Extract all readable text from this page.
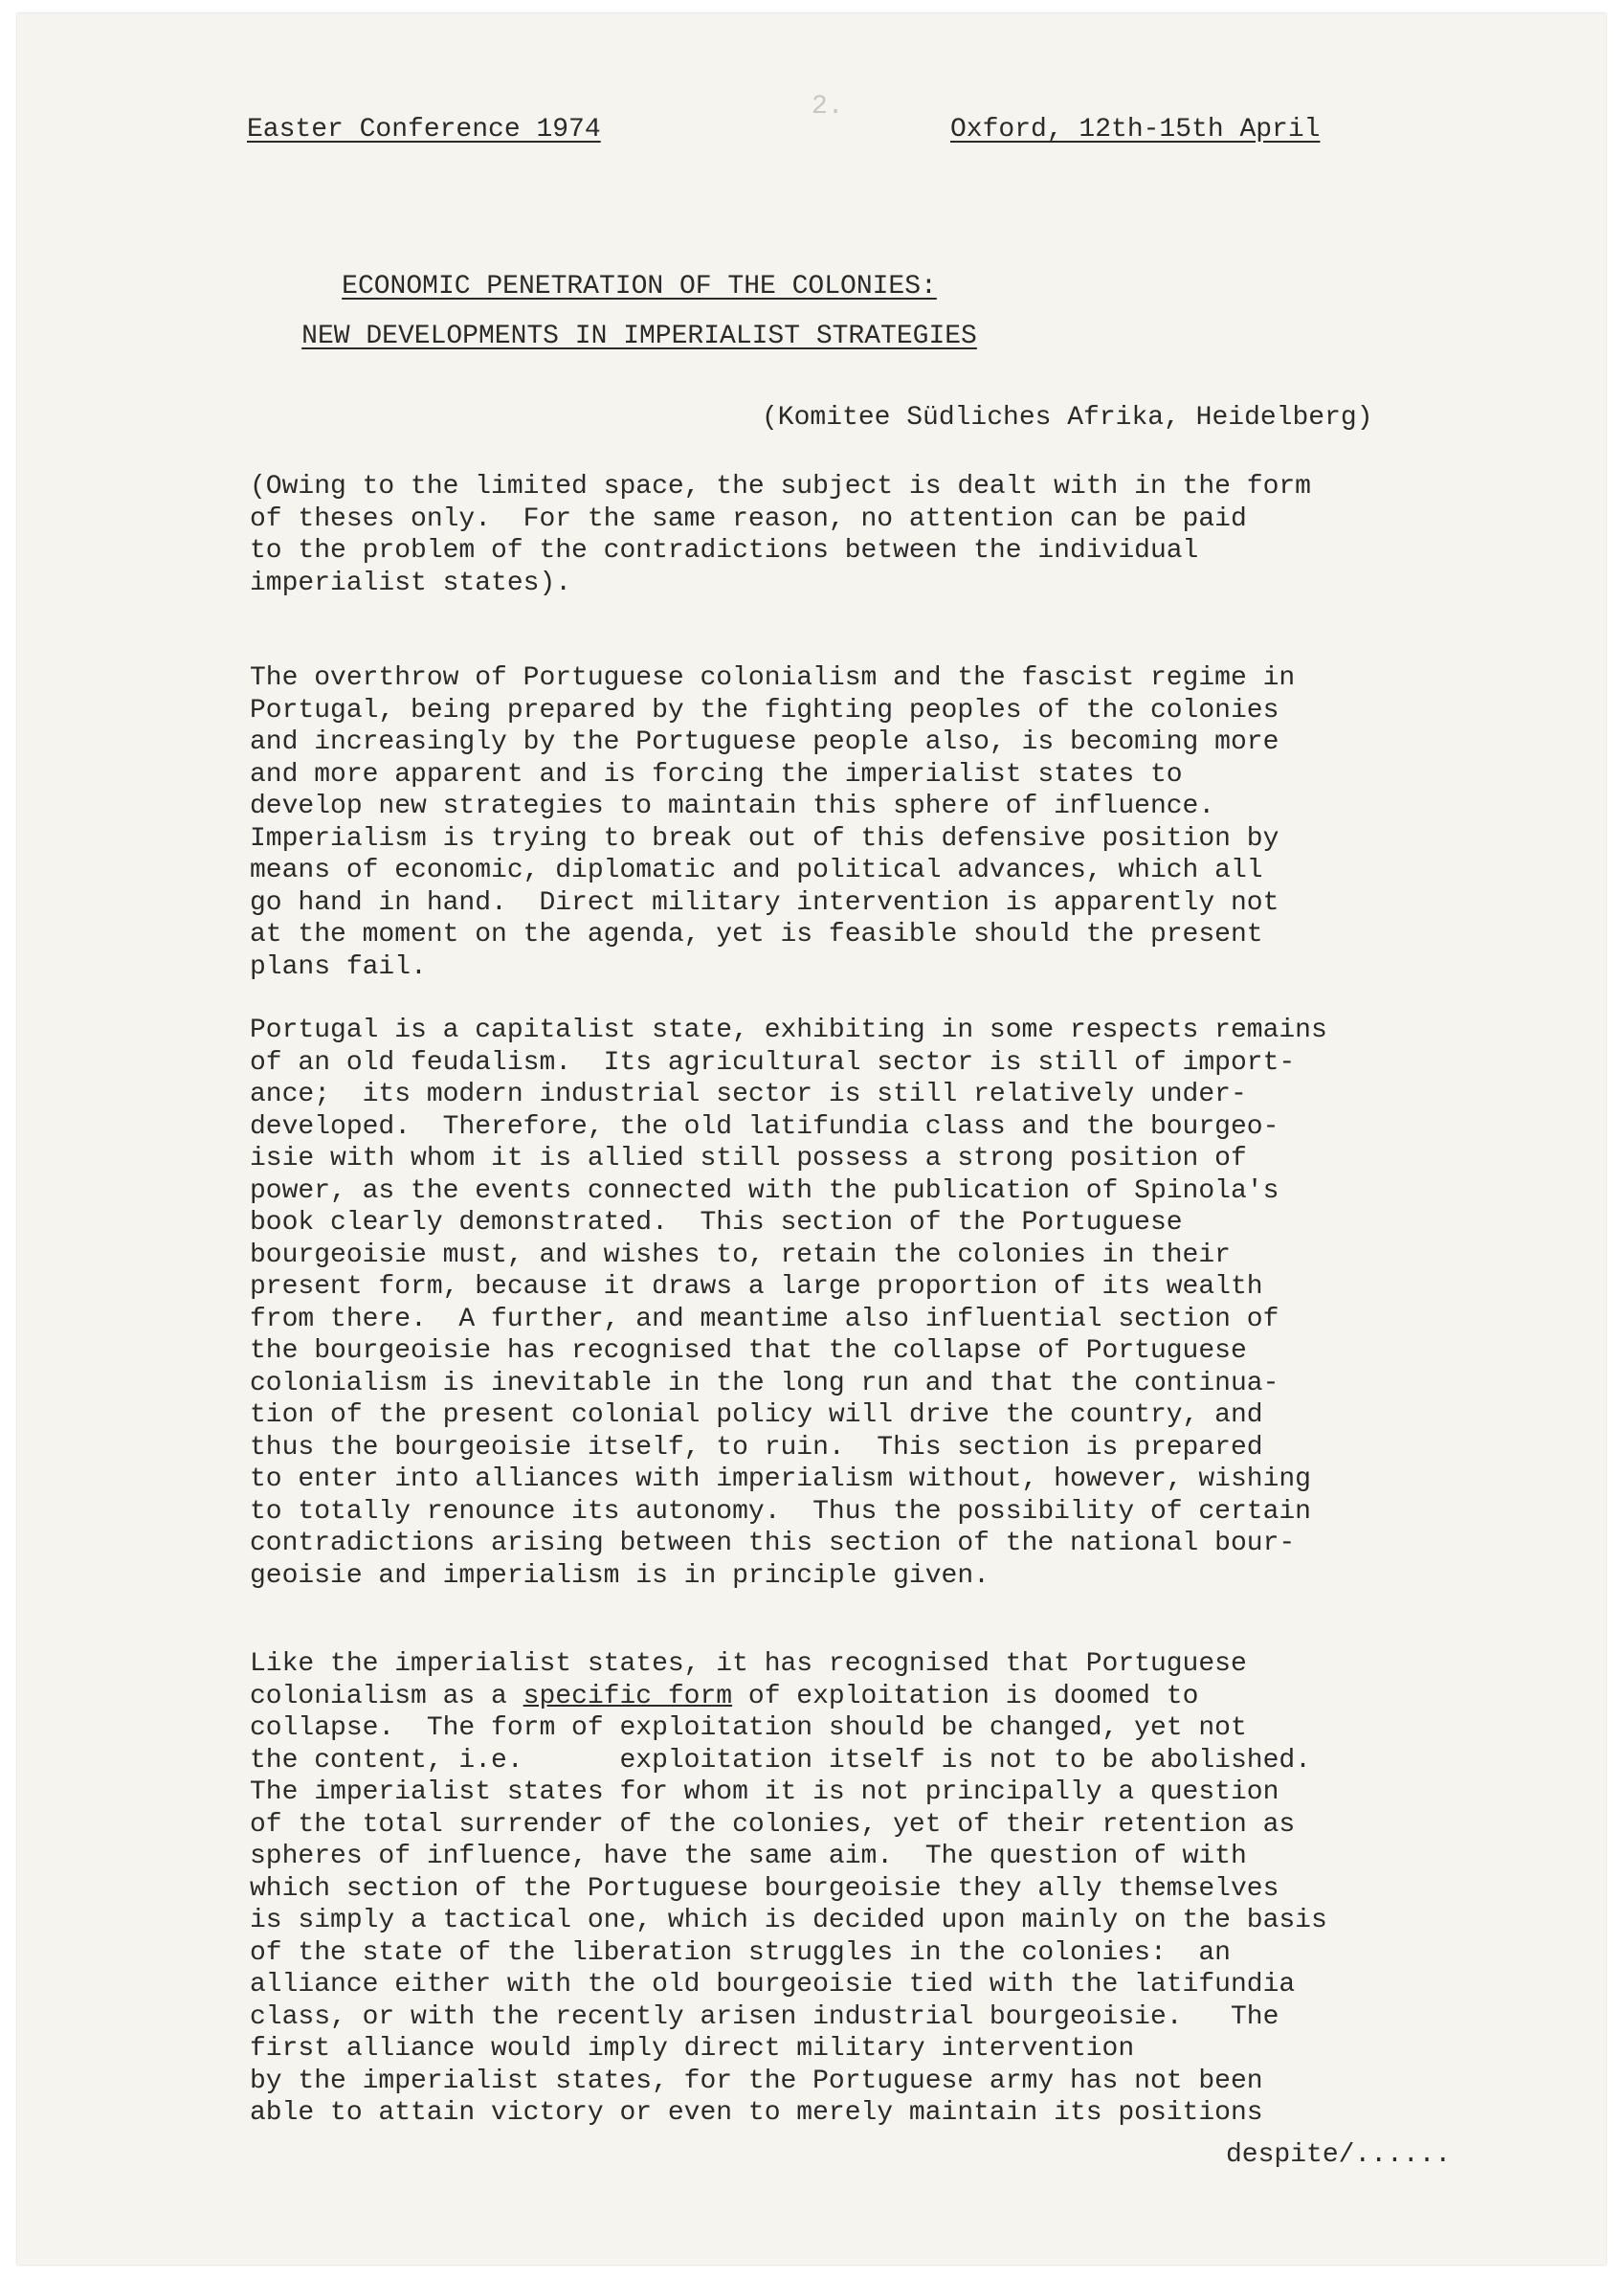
2.
Easter Conference 1974	Oxford, 12th-15th April
ECONOMIC PENETRATION OF THE COLONIES:
NEW DEVELOPMENTS IN IMPERIALIST STRATEGIES
(Komitee Südliches Afrika, Heidelberg)

(Owing to the limited space, the subject is dealt with in the form
of theses only.  For the same reason, no attention can be paid
to the problem of the contradictions between the individual
imperialist states).

The overthrow of Portuguese colonialism and the fascist regime in
Portugal, being prepared by the fighting peoples of the colonies
and increasingly by the Portuguese people also, is becoming more
and more apparent and is forcing the imperialist states to
develop new strategies to maintain this sphere of influence.
Imperialism is trying to break out of this defensive position by
means of economic, diplomatic and political advances, which all
go hand in hand.  Direct military intervention is apparently not
at the moment on the agenda, yet is feasible should the present
plans fail.

Portugal is a capitalist state, exhibiting in some respects remains
of an old feudalism.  Its agricultural sector is still of import-
ance;  its modern industrial sector is still relatively under-
developed.  Therefore, the old latifundia class and the bourgeo-
isie with whom it is allied still possess a strong position of
power, as the events connected with the publication of Spinola's
book clearly demonstrated.  This section of the Portuguese
bourgeoisie must, and wishes to, retain the colonies in their
present form, because it draws a large proportion of its wealth
from there.  A further, and meantime also influential section of
the bourgeoisie has recognised that the collapse of Portuguese
colonialism is inevitable in the long run and that the continua-
tion of the present colonial policy will drive the country, and
thus the bourgeoisie itself, to ruin.  This section is prepared
to enter into alliances with imperialism without, however, wishing
to totally renounce its autonomy.  Thus the possibility of certain
contradictions arising between this section of the national bour-
geoisie and imperialism is in principle given.

Like the imperialist states, it has recognised that Portuguese
colonialism as a specific form of exploitation is doomed to
collapse.  The form of exploitation should be changed, yet not
the content, i.e.      exploitation itself is not to be abolished.
The imperialist states for whom it is not principally a question
of the total surrender of the colonies, yet of their retention as
spheres of influence, have the same aim.  The question of with
which section of the Portuguese bourgeoisie they ally themselves
is simply a tactical one, which is decided upon mainly on the basis
of the state of the liberation struggles in the colonies:  an
alliance either with the old bourgeoisie tied with the latifundia
class, or with the recently arisen industrial bourgeoisie.   The
first alliance would imply direct military intervention
by the imperialist states, for the Portuguese army has not been
able to attain victory or even to merely maintain its positions

despite/......
